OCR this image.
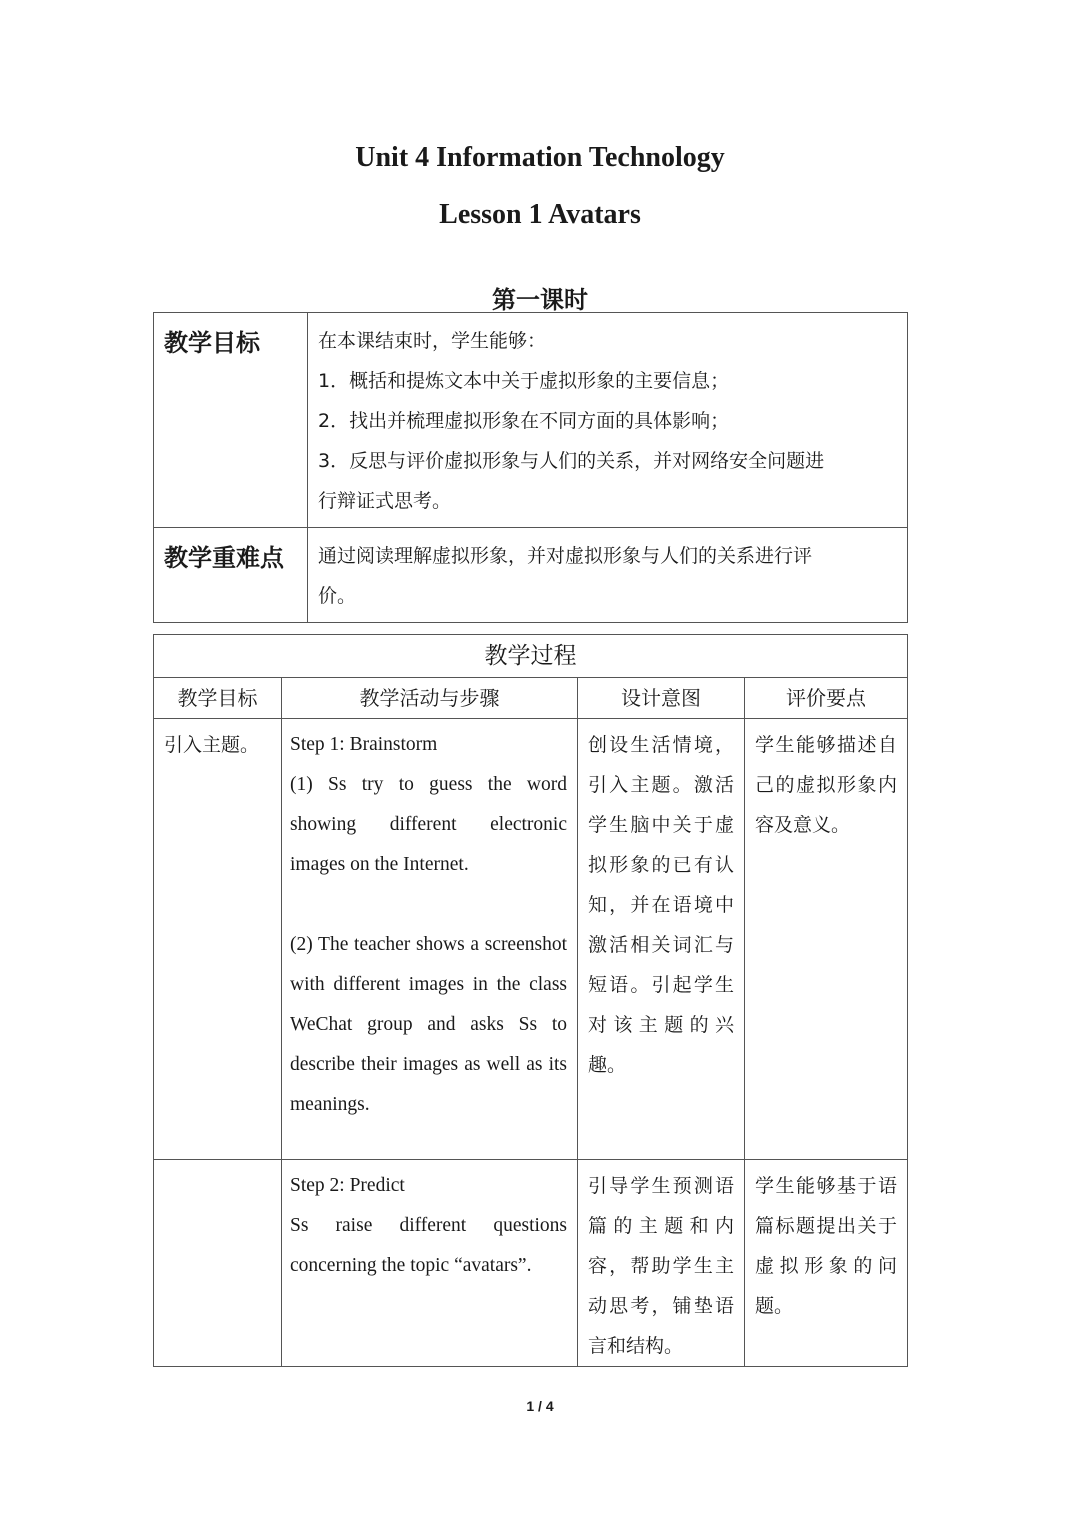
Unit 4 Information Technology
Lesson 1 Avatars
第一课时
教学目标	在本课结束时，学生能够：
1．概括和提炼文本中关于虚拟形象的主要信息；
2．找出并梳理虚拟形象在不同方面的具体影响；
3．反思与评价虚拟形象与人们的关系，并对网络安全问题进
行辩证式思考。

教学重难点	通过阅读理解虚拟形象，并对虚拟形象与人们的关系进行评
价。
教学过程			
教学目标	教学活动与步骤	设计意图	评价要点
引入主题。	Step 1: Brainstorm

(1) Ss try to guess the word showing different electronic images on the Internet.

(2) The teacher shows a screenshot with different images in the class WeChat group and asks Ss to describe their images as well as its meanings.	创设生活情境，引入主题。激活学生脑中关于虚拟形象的已有认知，并在语境中激活相关词汇与短语。引起学生对该主题的兴趣。	学生能够描述自己的虚拟形象内容及意义。

	Step 2: Predict

Ss raise different questions concerning the topic “avatars”.	引导学生预测语篇的主题和内容，帮助学生主动思考，铺垫语言和结构。	学生能够基于语篇标题提出关于虚拟形象的问题。
1 / 4
